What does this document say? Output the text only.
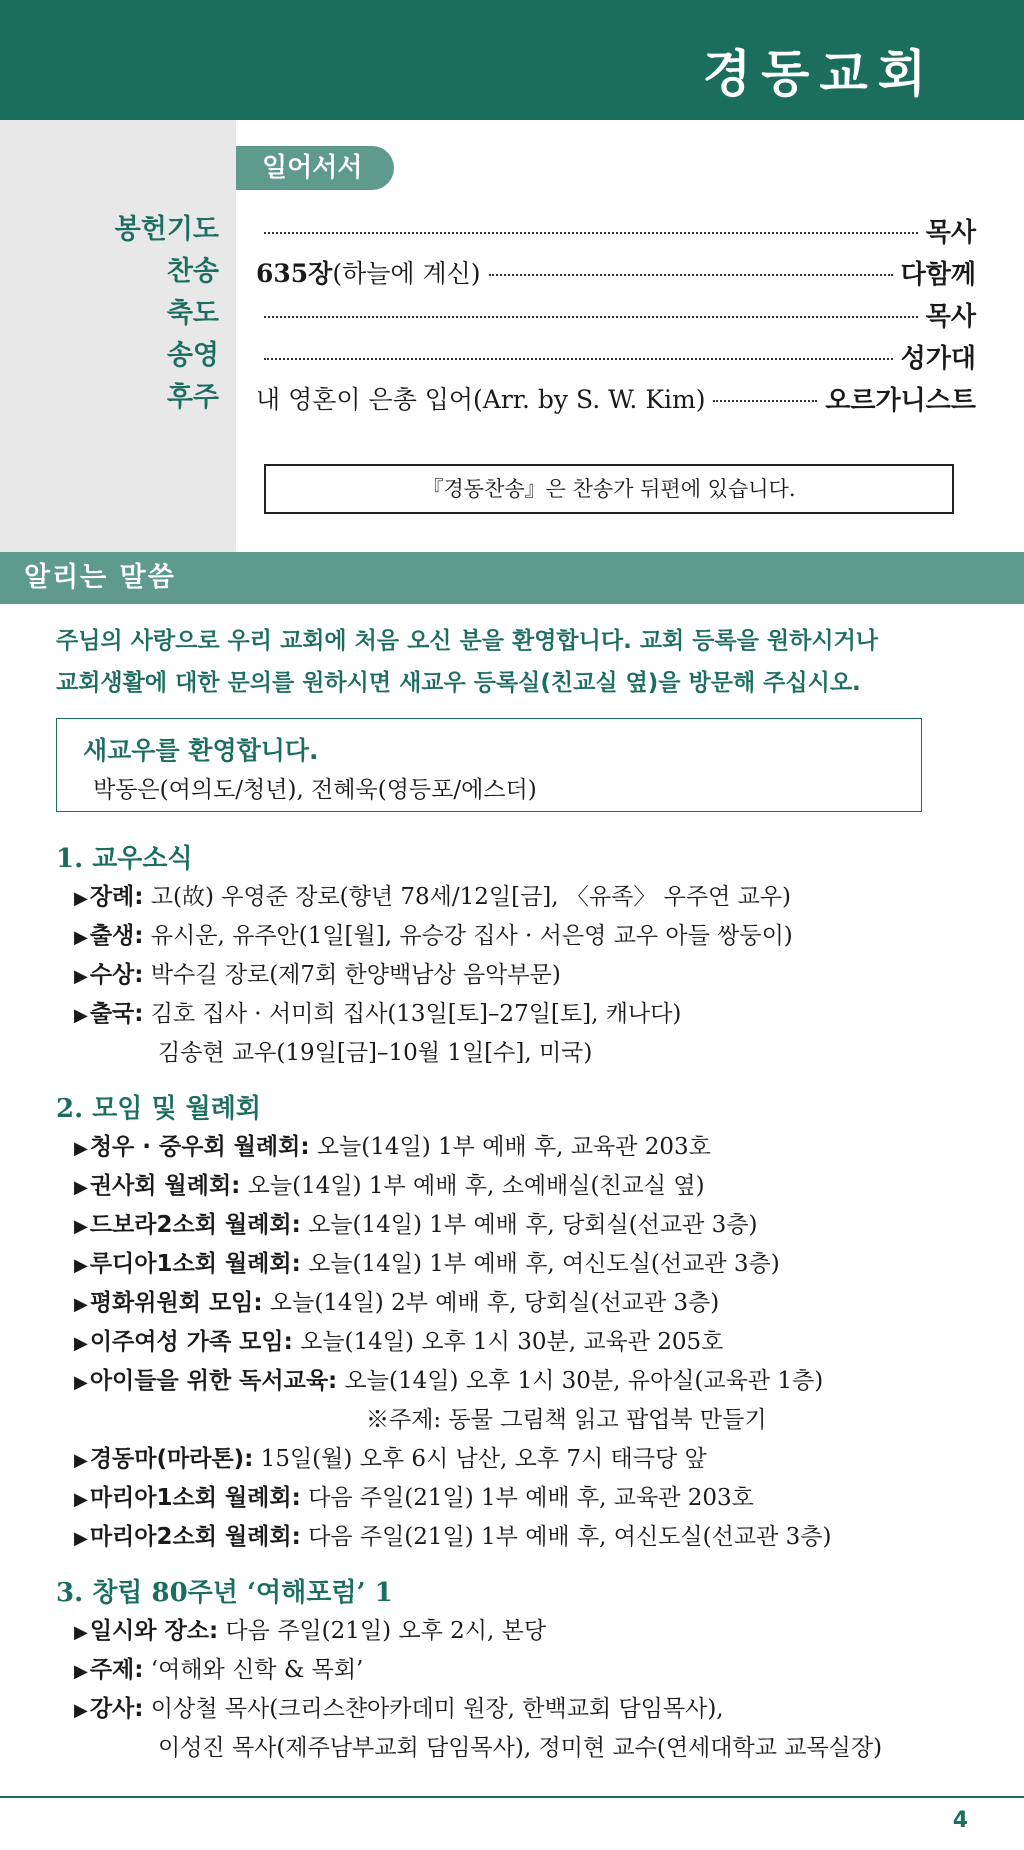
경동교회
일어서서
봉헌기도	목사
찬송	635장(하늘에 계신)	다함께
축도	목사
송영	성가대
후주	내 영혼이 은총 입어(Arr. by S. W. Kim)	오르가니스트
『경동찬송』은 찬송가 뒤편에 있습니다.
알리는 말씀
주님의 사랑으로 우리 교회에 처음 오신 분을 환영합니다. 교회 등록을 원하시거나
교회생활에 대한 문의를 원하시면 새교우 등록실(친교실 옆)을 방문해 주십시오.
새교우를 환영합니다.
박동은(여의도/청년), 전혜욱(영등포/에스더)
1. 교우소식
▶장례: 고(故) 우영준 장로(향년 78세/12일[금], 〈유족〉 우주연 교우)
▶출생: 유시운, 유주안(1일[월], 유승강 집사 · 서은영 교우 아들 쌍둥이)
▶수상: 박수길 장로(제7회 한양백남상 음악부문)
▶출국: 김호 집사 · 서미희 집사(13일[토]–27일[토], 캐나다)
김송현 교우(19일[금]–10월 1일[수], 미국)
2. 모임 및 월례회
▶청우 · 중우회 월례회: 오늘(14일) 1부 예배 후, 교육관 203호
▶권사회 월례회: 오늘(14일) 1부 예배 후, 소예배실(친교실 옆)
▶드보라2소회 월례회: 오늘(14일) 1부 예배 후, 당회실(선교관 3층)
▶루디아1소회 월례회: 오늘(14일) 1부 예배 후, 여신도실(선교관 3층)
▶평화위원회 모임: 오늘(14일) 2부 예배 후, 당회실(선교관 3층)
▶이주여성 가족 모임: 오늘(14일) 오후 1시 30분, 교육관 205호
▶아이들을 위한 독서교육: 오늘(14일) 오후 1시 30분, 유아실(교육관 1층)
※주제: 동물 그림책 읽고 팝업북 만들기
▶경동마(마라톤): 15일(월) 오후 6시 남산, 오후 7시 태극당 앞
▶마리아1소회 월례회: 다음 주일(21일) 1부 예배 후, 교육관 203호
▶마리아2소회 월례회: 다음 주일(21일) 1부 예배 후, 여신도실(선교관 3층)
3. 창립 80주년 ‘여해포럼’ 1
▶일시와 장소: 다음 주일(21일) 오후 2시, 본당
▶주제: ‘여해와 신학 & 목회’
▶강사: 이상철 목사(크리스챤아카데미 원장, 한백교회 담임목사),
이성진 목사(제주남부교회 담임목사), 정미현 교수(연세대학교 교목실장)
4
